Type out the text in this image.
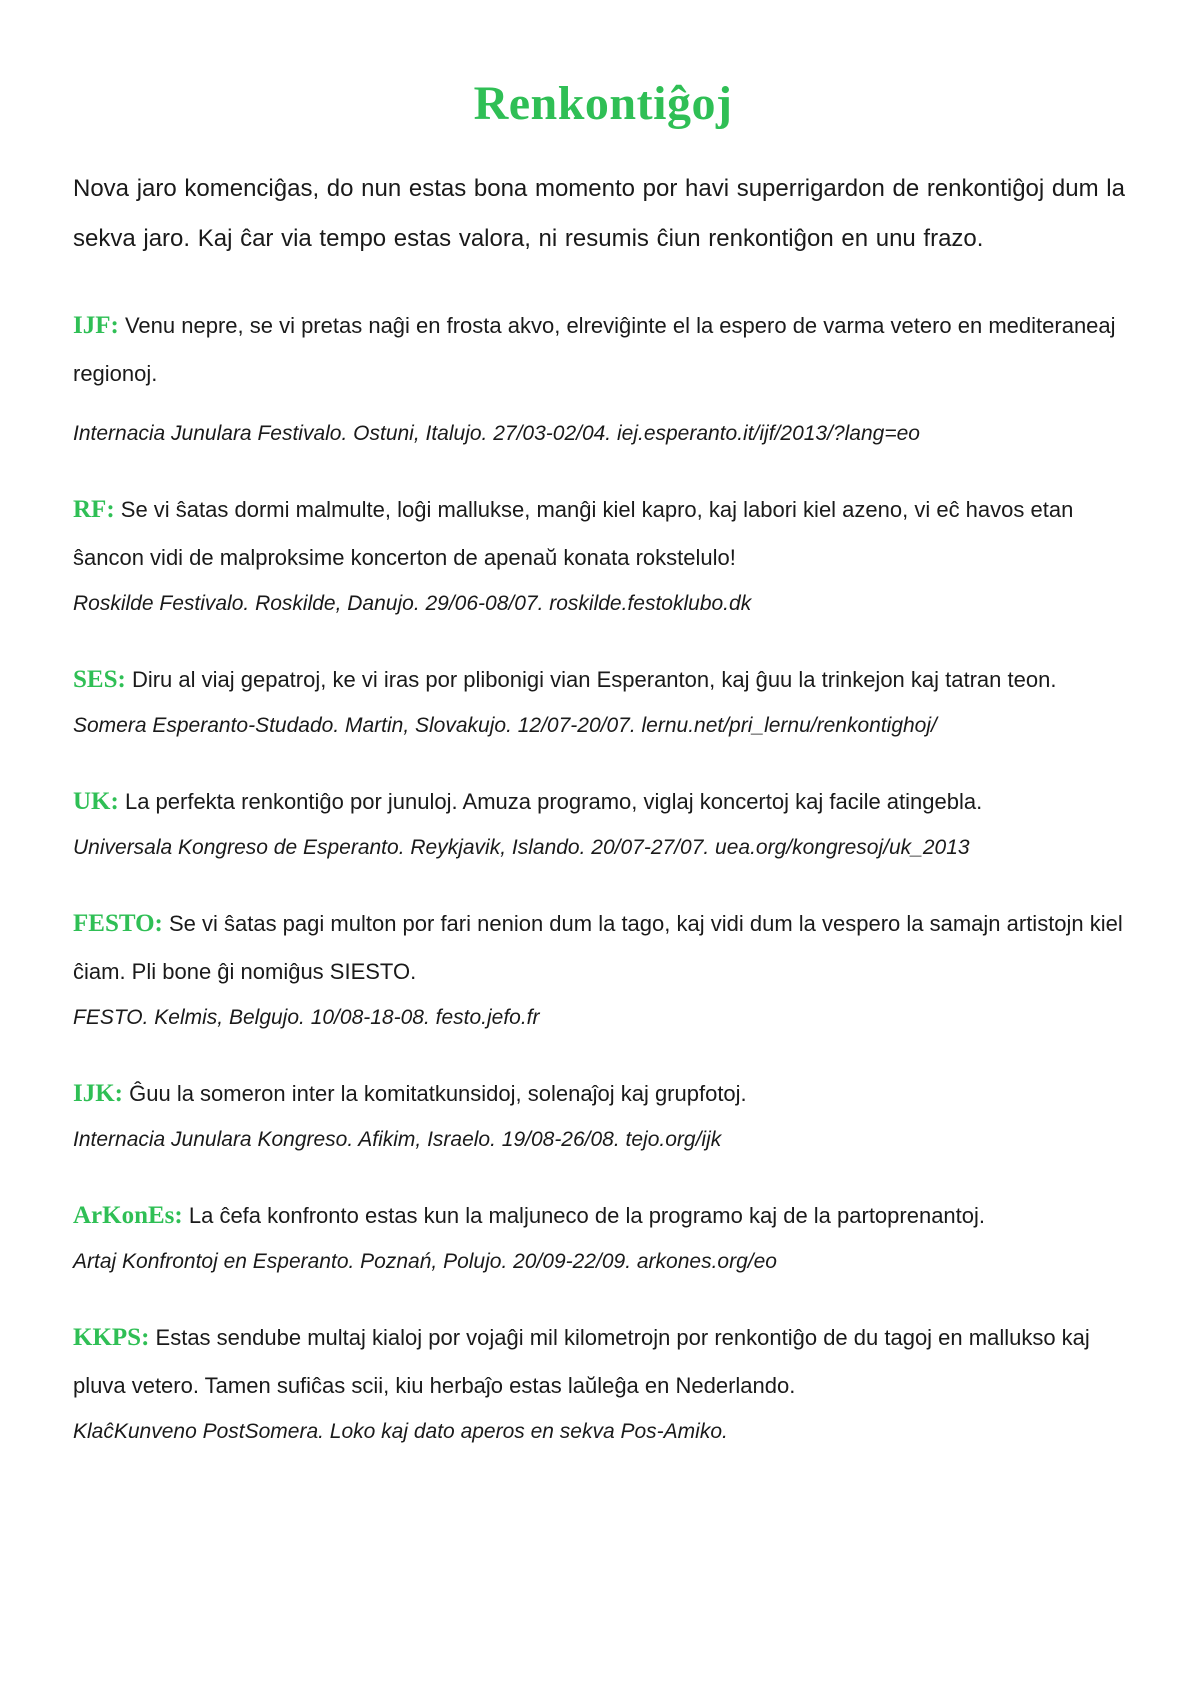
Renkontiĝoj

Nova jaro komenciĝas, do nun estas bona momento por havi superrigardon de renkontiĝoj dum la sekva jaro. Kaj ĉar via tempo estas valora, ni resumis ĉiun renkontiĝon en unu frazo.

IJF: Venu nepre, se vi pretas naĝi en frosta akvo, elreviĝinte el la espero de varma vetero en mediteraneaj regionoj.

Internacia Junulara Festivalo. Ostuni, Italujo. 27/03-02/04. iej.esperanto.it/ijf/2013/?lang=eo

RF: Se vi ŝatas dormi malmulte, loĝi mallukse, manĝi kiel kapro, kaj labori kiel azeno, vi eĉ havos etan ŝancon vidi de malproksime koncerton de apenaŭ konata rokstelulo!

Roskilde Festivalo. Roskilde, Danujo. 29/06-08/07. roskilde.festoklubo.dk

SES: Diru al viaj gepatroj, ke vi iras por plibonigi vian Esperanton, kaj ĝuu la trinkejon kaj tatran teon.

Somera Esperanto-Studado. Martin, Slovakujo. 12/07-20/07. lernu.net/pri_lernu/renkontighoj/

UK: La perfekta renkontiĝo por junuloj. Amuza programo, viglaj koncertoj kaj facile atingebla.

Universala Kongreso de Esperanto. Reykjavik, Islando. 20/07-27/07. uea.org/kongresoj/uk_2013

FESTO: Se vi ŝatas pagi multon por fari nenion dum la tago, kaj vidi dum la vespero la samajn artistojn kiel ĉiam. Pli bone ĝi nomiĝus SIESTO.

FESTO. Kelmis, Belgujo. 10/08-18-08. festo.jefo.fr

IJK: Ĝuu la someron inter la komitatkunsidoj, solenaĵoj kaj grupfotoj.

Internacia Junulara Kongreso. Afikim, Israelo. 19/08-26/08. tejo.org/ijk

ArKonEs: La ĉefa konfronto estas kun la maljuneco de la programo kaj de la partoprenantoj.

Artaj Konfrontoj en Esperanto. Poznań, Polujo. 20/09-22/09. arkones.org/eo

KKPS: Estas sendube multaj kialoj por vojaĝi mil kilometrojn por renkontiĝo de du tagoj en mallukso kaj pluva vetero. Tamen sufiĉas scii, kiu herbaĵo estas laŭleĝa en Nederlando.

KlaĉKunveno PostSomera. Loko kaj dato aperos en sekva Pos-Amiko.
